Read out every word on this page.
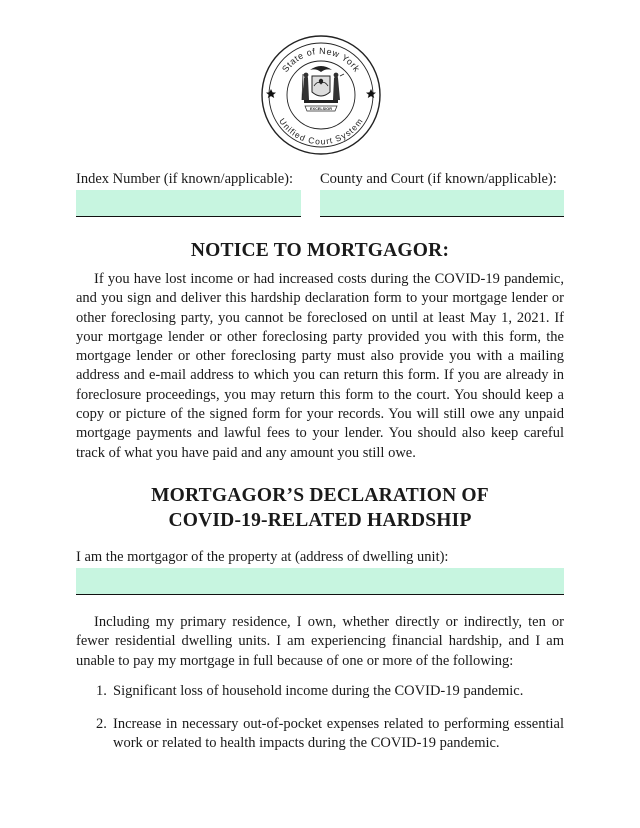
State of New York
Unified Court System
EXCELSIOR
Index Number (if known/applicable): County and Court (if known/applicable):
NOTICE TO MORTGAGOR:

If you have lost income or had increased costs during the COVID-19 pandemic, and you sign and deliver this hardship declaration form to your mortgage lender or other foreclosing party, you cannot be foreclosed on until at least May 1, 2021. If your mortgage lender or other foreclosing party provided you with this form, the mortgage lender or other foreclosing party must also provide you with a mailing address and e-mail address to which you can return this form. If you are already in foreclosure proceedings, you may return this form to the court. You should keep a copy or picture of the signed form for your records. You will still owe any unpaid mortgage payments and lawful fees to your lender. You should also keep careful track of what you have paid and any amount you still owe.

MORTGAGOR’S DECLARATION OF
COVID-19-RELATED HARDSHIP
I am the mortgagor of the property at (address of dwelling unit):

Including my primary residence, I own, whether directly or indirectly, ten or fewer residential dwelling units. I am experiencing financial hardship, and I am unable to pay my mortgage in full because of one or more of the following:

1. Significant loss of household income during the COVID-19 pandemic.
2. Increase in necessary out-of-pocket expenses related to performing essential work or related to health impacts during the COVID-19 pandemic.
